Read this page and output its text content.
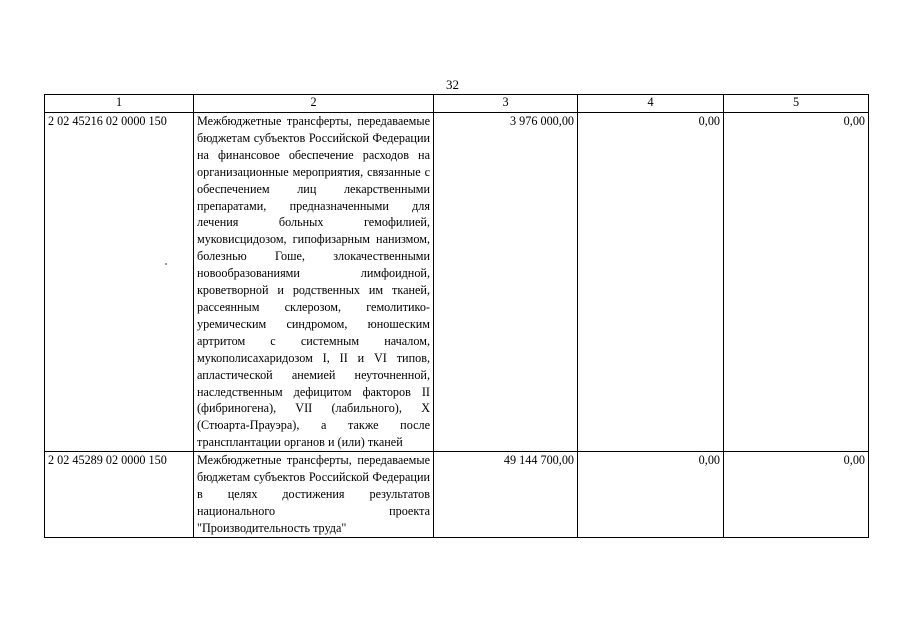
32
1	2	3	4	5
2 02 45216 02 0000 150	Межбюджетные трансферты, передаваемые бюджетам субъектов Российской Федерации на финансовое обеспечение расходов на организационные мероприятия, связанные с обеспечением лиц лекарственными препаратами, предназначенными для лечения больных гемофилией, муковисцидозом, гипофизарным нанизмом, болезнью Гоше, злокачественными новообразованиями лимфоидной, кроветворной и родственных им тканей, рассеянным склерозом, гемолитико-уремическим синдромом, юношеским артритом с системным началом, мукополисахаридозом I, II и VI типов, апластической анемией неуточненной, наследственным дефицитом факторов II (фибриногена), VII (лабильного), X (Стюарта-Прауэра), а также после трансплантации органов и (или) тканей	3 976 000,00	0,00	0,00
2 02 45289 02 0000 150	Межбюджетные трансферты, передаваемые бюджетам субъектов Российской Федерации в целях достижения результатов национального проекта "Производительность труда"	49 144 700,00	0,00	0,00
